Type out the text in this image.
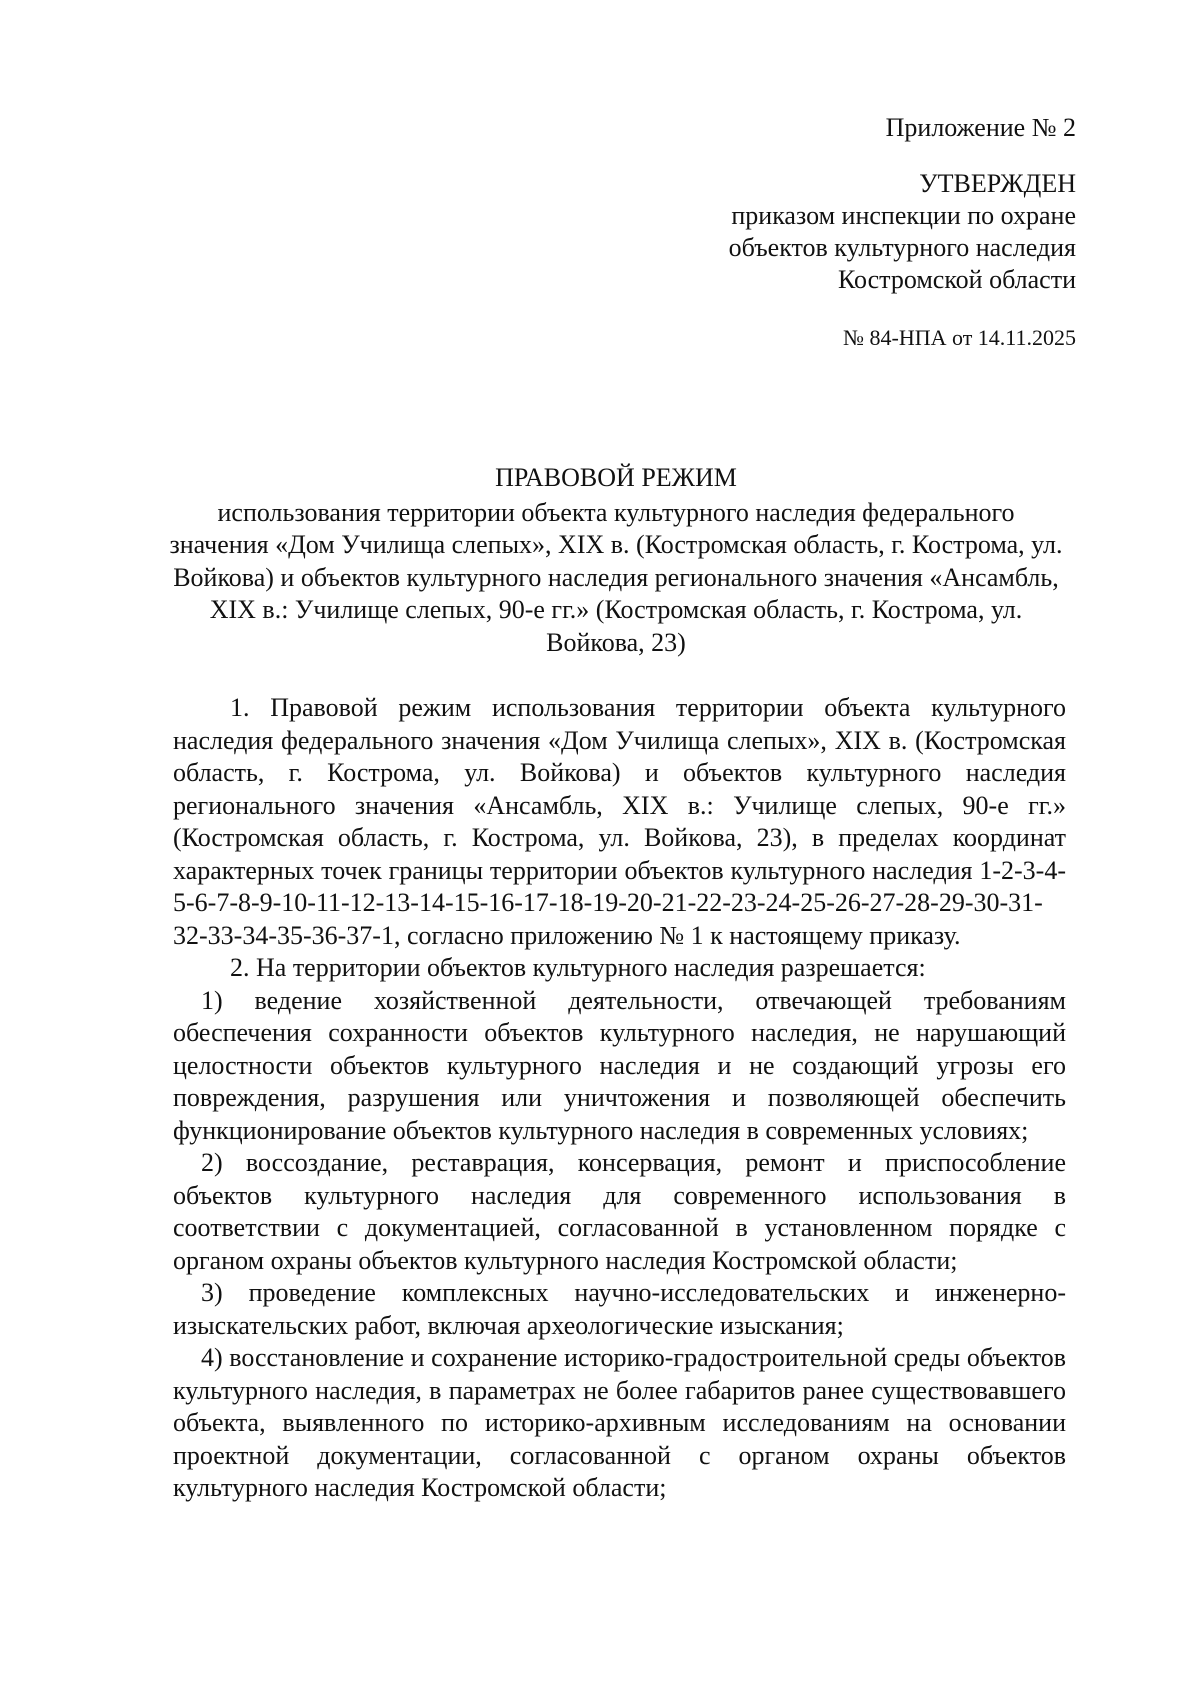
Приложение № 2
УТВЕРЖДЕН
приказом инспекции по охране
объектов культурного наследия
Костромской области
№ 84-НПА от 14.11.2025
ПРАВОВОЙ РЕЖИМ
использования территории объекта культурного наследия федерального значения «Дом Училища слепых», XIX в. (Костромская область, г. Кострома, ул. Войкова) и объектов культурного наследия регионального значения «Ансамбль, XIX в.: Училище слепых, 90-е гг.» (Костромская область, г. Кострома, ул. Войкова, 23)

1. Правовой режим использования территории объекта культурного наследия федерального значения «Дом Училища слепых», XIX в. (Костромская область, г. Кострома, ул. Войкова) и объектов культурного наследия регионального значения «Ансамбль, XIX в.: Училище слепых, 90-е гг.» (Костромская область, г. Кострома, ул. Войкова, 23), в пределах координат характерных точек границы территории объектов культурного наследия 1-2-3-4-5-6-7-8-9-10-11-12-13-14-15-16-17-18-19-20-21-22-23-24-25-26-27-28-29-30-31-32-33-34-35-36-37-1, согласно приложению № 1 к настоящему приказу.

2. На территории объектов культурного наследия разрешается:

1) ведение хозяйственной деятельности, отвечающей требованиям обеспечения сохранности объектов культурного наследия, не нарушающий целостности объектов культурного наследия и не создающий угрозы его повреждения, разрушения или уничтожения и позволяющей обеспечить функционирование объектов культурного наследия в современных условиях;

2) воссоздание, реставрация, консервация, ремонт и приспособление объектов культурного наследия для современного использования в соответствии с документацией, согласованной в установленном порядке с органом охраны объектов культурного наследия Костромской области;

3) проведение комплексных научно-исследовательских и инженерно-изыскательских работ, включая археологические изыскания;

4) восстановление и сохранение историко-градостроительной среды объектов культурного наследия, в параметрах не более габаритов ранее существовавшего объекта, выявленного по историко-архивным исследованиям на основании проектной документации, согласованной с органом охраны объектов культурного наследия Костромской области;
